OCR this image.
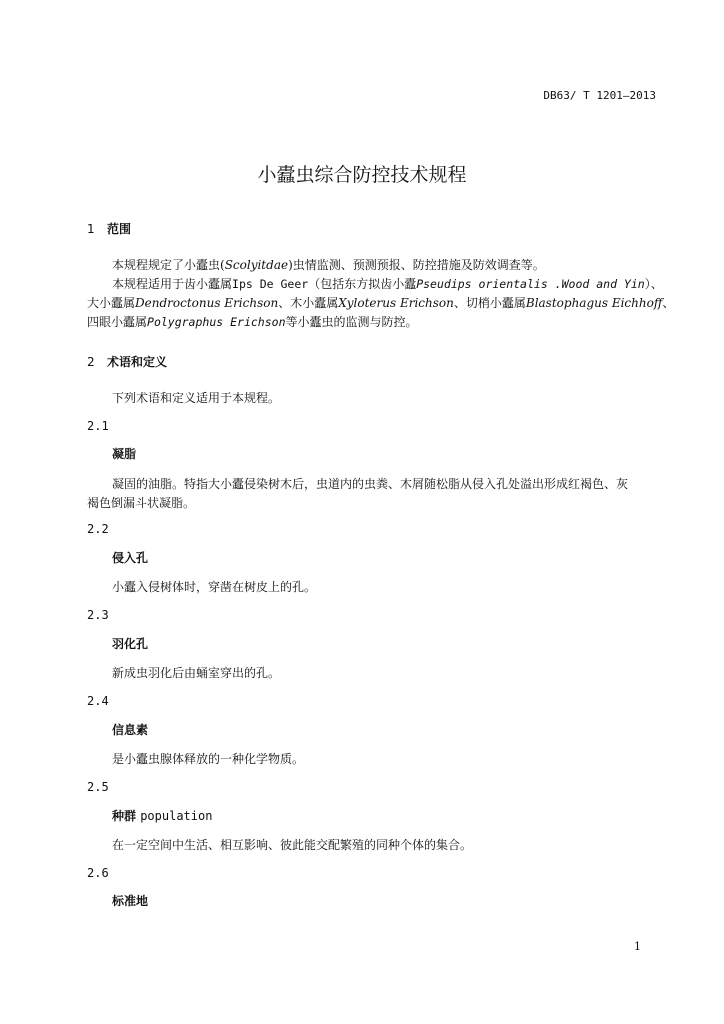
DB63/ T 1201—2013
小蠹虫综合防控技术规程
1 范围
本规程规定了小蠹虫(Scolyitdae)虫情监测、预测预报、防控措施及防效调查等。
本规程适用于齿小蠹属Ips De Geer（包括东方拟齿小蠹Pseudips orientalis .Wood and Yin）、
大小蠹属Dendroctonus Erichson、木小蠹属Xyloterus Erichson、切梢小蠹属Blastophagus Eichhoff、
四眼小蠹属Polygraphus Erichson等小蠹虫的监测与防控。
2 术语和定义
下列术语和定义适用于本规程。
2.1
凝脂
凝固的油脂。特指大小蠹侵染树木后，虫道内的虫粪、木屑随松脂从侵入孔处溢出形成红褐色、灰
褐色倒漏斗状凝脂。
2.2
侵入孔
小蠹入侵树体时，穿凿在树皮上的孔。
2.3
羽化孔
新成虫羽化后由蛹室穿出的孔。
2.4
信息素
是小蠹虫腺体释放的一种化学物质。
2.5
种群 population
在一定空间中生活、相互影响、彼此能交配繁殖的同种个体的集合。
2.6
标准地
1
